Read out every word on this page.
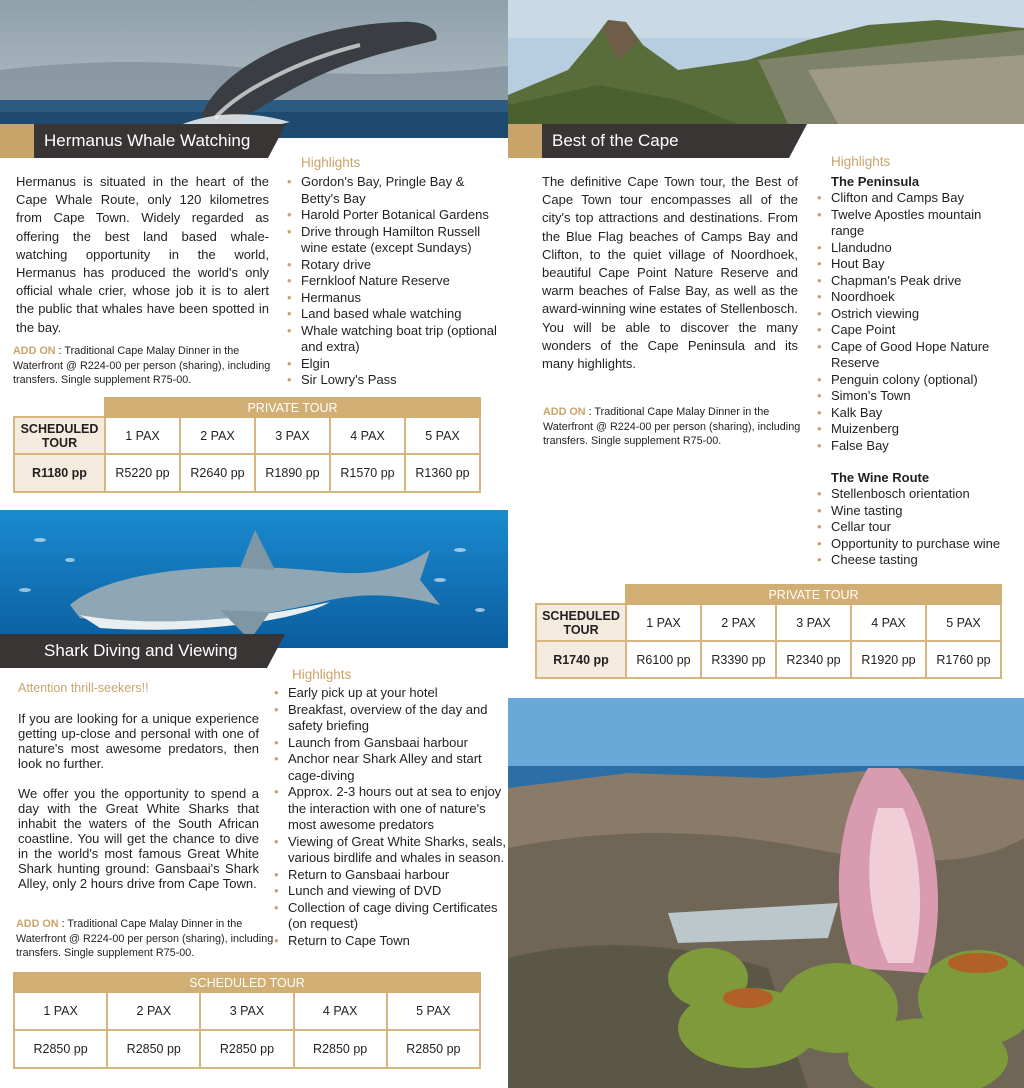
Hermanus Whale Watching	Best of the Cape
Shark Diving and Viewing
Hermanus is situated in the heart of the Cape Whale Route, only 120 kilometres from Cape Town. Widely regarded as offering the best land based whale-watching opportunity in the world, Hermanus has produced the world's only official whale crier, whose job it is to alert the public that whales have been spotted in the bay.
ADD ON : Traditional Cape Malay Dinner in the Waterfront @ R224-00 per person (sharing), including transfers. Single supplement R75-00.
Highlights
• Gordon's Bay, Pringle Bay & Betty's Bay
• Harold Porter Botanical Gardens
• Drive through Hamilton Russell wine estate (except Sundays)
• Rotary drive
• Fernkloof Nature Reserve
• Hermanus
• Land based whale watching
• Whale watching boat trip (optional and extra)
• Elgin
• Sir Lowry's Pass
	PRIVATE TOUR				
SCHEDULED TOUR	1 PAX	2 PAX	3 PAX	4 PAX	5 PAX
R1180 pp	R5220 pp	R2640 pp	R1890 pp	R1570 pp	R1360 pp
The definitive Cape Town tour, the Best of Cape Town tour encompasses all of the city's top attractions and destinations. From the Blue Flag beaches of Camps Bay and Clifton, to the quiet village of Noordhoek, beautiful Cape Point Nature Reserve and warm beaches of False Bay, as well as the award-winning wine estates of Stellenbosch. You will be able to discover the many wonders of the Cape Peninsula and its many highlights.
ADD ON : Traditional Cape Malay Dinner in the Waterfront @ R224-00 per person (sharing), including transfers. Single supplement R75-00.
Highlights
The Peninsula
• Clifton and Camps Bay
• Twelve Apostles mountain range
• Llandudno
• Hout Bay
• Chapman's Peak drive
• Noordhoek
• Ostrich viewing
• Cape Point
• Cape of Good Hope Nature Reserve
• Penguin colony (optional)
• Simon's Town
• Kalk Bay
• Muizenberg
• False Bay
The Wine Route
• Stellenbosch orientation
• Wine tasting
• Cellar tour
• Opportunity to purchase wine
• Cheese tasting
	PRIVATE TOUR				
SCHEDULED TOUR	1 PAX	2 PAX	3 PAX	4 PAX	5 PAX
R1740 pp	R6100 pp	R3390 pp	R2340 pp	R1920 pp	R1760 pp
Attention thrill-seekers!!
If you are looking for a unique experience getting up-close and personal with one of nature's most awesome predators, then look no further.
We offer you the opportunity to spend a day with the Great White Sharks that inhabit the waters of the South African coastline. You will get the chance to dive in the world's most famous Great White Shark hunting ground: Gansbaai's Shark Alley, only 2 hours drive from Cape Town.
ADD ON : Traditional Cape Malay Dinner in the Waterfront @ R224-00 per person (sharing), including transfers. Single supplement R75-00.
Highlights
• Early pick up at your hotel
• Breakfast, overview of the day and safety briefing
• Launch from Gansbaai harbour
• Anchor near Shark Alley and start cage-diving
• Approx. 2-3 hours out at sea to enjoy the interaction with one of nature's most awesome predators
• Viewing of Great White Sharks, seals, various birdlife and whales in season.
• Return to Gansbaai harbour
• Lunch and viewing of DVD
• Collection of cage diving Certificates (on request)
• Return to Cape Town
SCHEDULED TOUR				
1 PAX	2 PAX	3 PAX	4 PAX	5 PAX
R2850 pp	R2850 pp	R2850 pp	R2850 pp	R2850 pp
